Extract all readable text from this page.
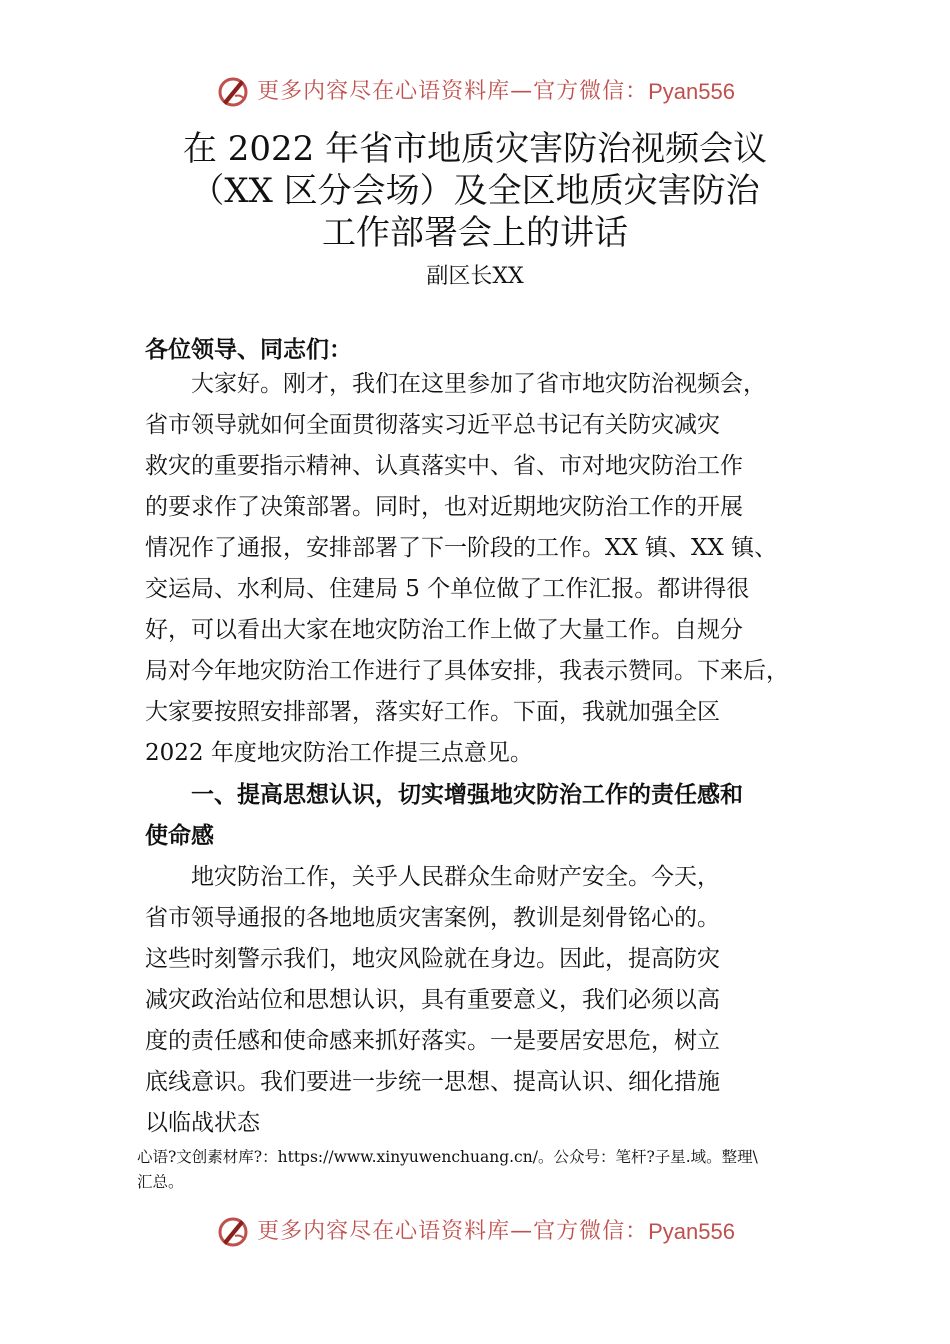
更多内容尽在心语资料库—官方微信：Pyan556
在 2022 年省市地质灾害防治视频会议
（XX 区分会场）及全区地质灾害防治
工作部署会上的讲话
副区长XX
各位领导、同志们：
　　大家好。刚才，我们在这里参加了省市地灾防治视频会，
省市领导就如何全面贯彻落实习近平总书记有关防灾减灾
救灾的重要指示精神、认真落实中、省、市对地灾防治工作
的要求作了决策部署。同时，也对近期地灾防治工作的开展
情况作了通报，安排部署了下一阶段的工作。XX 镇、XX 镇、
交运局、水利局、住建局 5 个单位做了工作汇报。都讲得很
好，可以看出大家在地灾防治工作上做了大量工作。自规分
局对今年地灾防治工作进行了具体安排，我表示赞同。下来后，
大家要按照安排部署，落实好工作。下面，我就加强全区
2022 年度地灾防治工作提三点意见。
　　一、提高思想认识，切实增强地灾防治工作的责任感和
使命感
　　地灾防治工作，关乎人民群众生命财产安全。今天，
省市领导通报的各地地质灾害案例，教训是刻骨铭心的。
这些时刻警示我们，地灾风险就在身边。因此，提高防灾
减灾政治站位和思想认识，具有重要意义，我们必须以高
度的责任感和使命感来抓好落实。一是要居安思危，树立
底线意识。我们要进一步统一思想、提高认识、细化措施
以临战状态
心语?文创素材库?：https://www.xinyuwenchuang.cn/。公众号：笔杆?子星.域。整理\
汇总。
更多内容尽在心语资料库—官方微信：Pyan556
